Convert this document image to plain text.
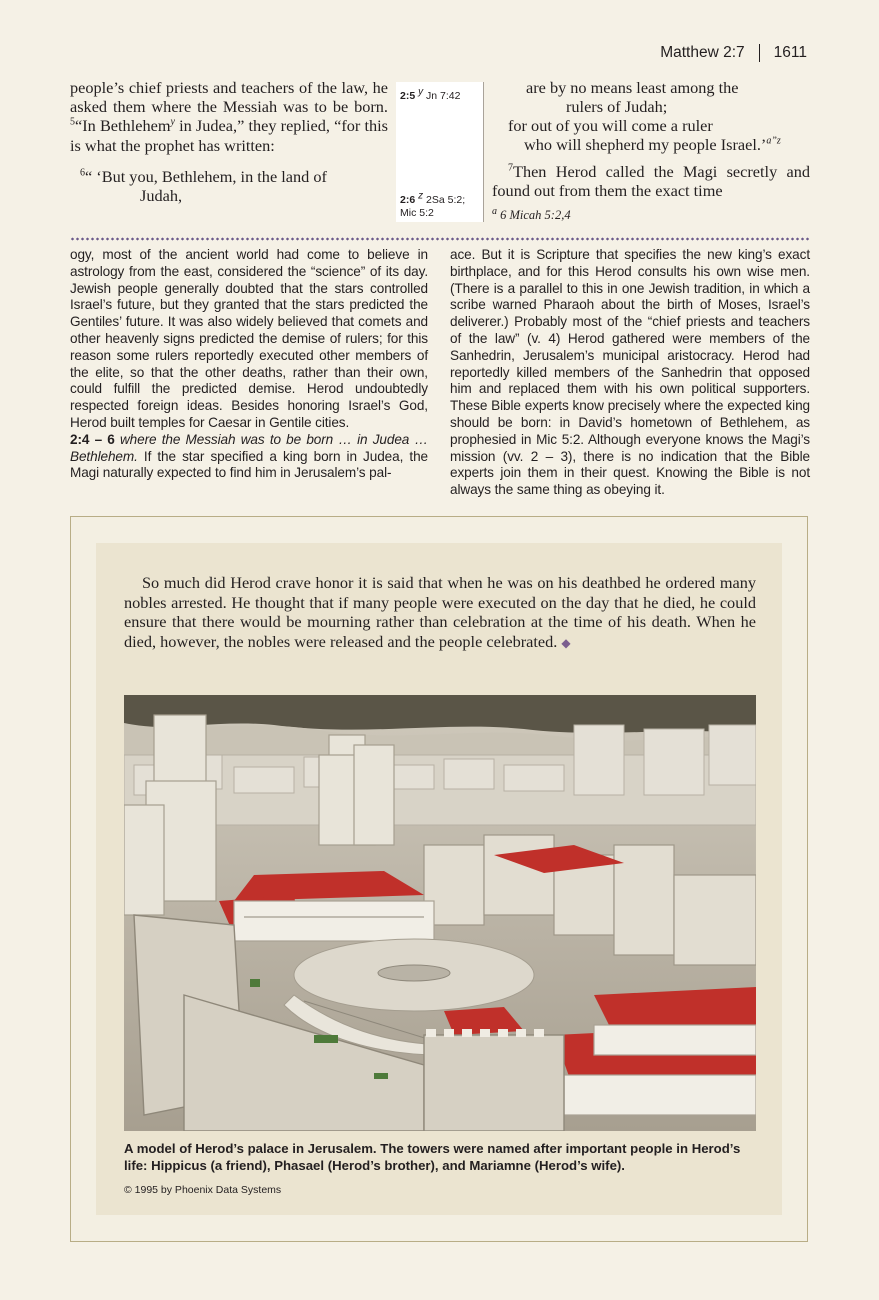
Matthew 2:7 1611

people’s chief priests and teachers of the law, he asked them where the Messiah was to be born. $^5$“In Bethlehem$^y$ in Judea,” they replied, “for this is what the prophet has written:

$^6$“ ‘But you, Bethlehem, in the land of

Judah,

2:5 y Jn 7:42
2:6 z 2Sa 5:2; Mic 5:2

are by no means least among the

rulers of Judah;

for out of you will come a ruler

who will shepherd my people Israel.’$^{a”z}$

$^7$Then Herod called the Magi secretly and found out from them the exact time

$^a$ 6 Micah 5:2,4

ogy, most of the ancient world had come to believe in astrology from the east, considered the “science” of its day. Jewish people generally doubted that the stars controlled Israel’s future, but they granted that the stars predicted the Gentiles’ future. It was also widely believed that comets and other heavenly signs predicted the demise of rulers; for this reason some rulers reportedly executed other members of the elite, so that the other deaths, rather than their own, could fulfill the predicted demise. Herod undoubtedly respected foreign ideas. Besides honoring Israel’s God, Herod built temples for Caesar in Gentile cities.

2:4 – 6 where the Messiah was to be born … in Judea … Bethlehem. If the star specified a king born in Judea, the Magi naturally expected to find him in Jerusalem’s pal-

ace. But it is Scripture that specifies the new king’s exact birthplace, and for this Herod consults his own wise men. (There is a parallel to this in one Jewish tradition, in which a scribe warned Pharaoh about the birth of Moses, Israel’s deliverer.) Probably most of the “chief priests and teachers of the law” (v. 4) Herod gathered were members of the Sanhedrin, Jerusalem’s municipal aristocracy. Herod had reportedly killed members of the Sanhedrin that opposed him and replaced them with his own political supporters. These Bible experts know precisely where the expected king should be born: in David’s hometown of Bethlehem, as prophesied in Mic 5:2. Although everyone knows the Magi’s mission (vv. 2 – 3), there is no indication that the Bible experts join them in their quest. Knowing the Bible is not always the same thing as obeying it.

So much did Herod crave honor it is said that when he was on his deathbed he ordered many nobles arrested. He thought that if many people were executed on the day that he died, he could ensure that there would be mourning rather than celebration at the time of his death. When he died, however, the nobles were released and the people celebrated. ◆

A model of Herod’s palace in Jerusalem. The towers were named after important people in Herod’s life: Hippicus (a friend), Phasael (Herod’s brother), and Mariamne (Herod’s wife).
© 1995 by Phoenix Data Systems
